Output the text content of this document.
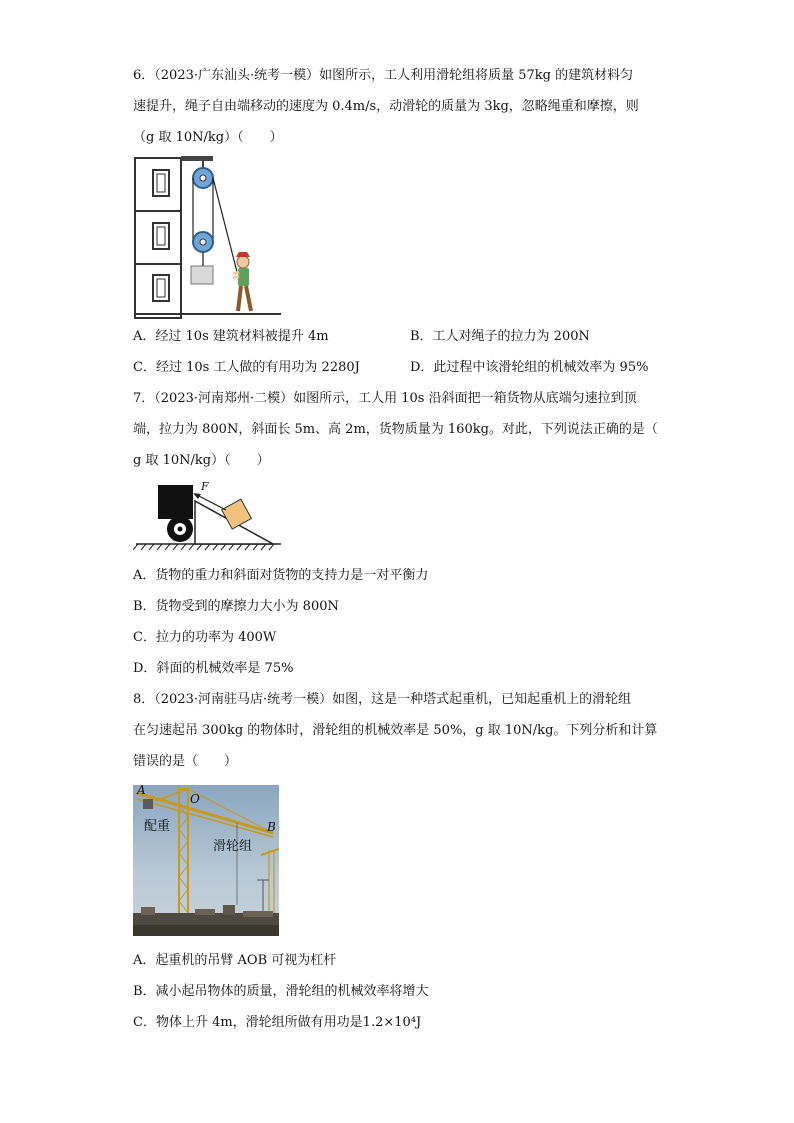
6．（2023·广东汕头·统考一模）如图所示，工人利用滑轮组将质量 57kg 的建筑材料匀
速提升，绳子自由端移动的速度为 0.4m/s，动滑轮的质量为 3kg，忽略绳重和摩擦，则
（g 取 10N/kg）（　　）
A．经过 10s 建筑材料被提升 4m	B．工人对绳子的拉力为 200N
C．经过 10s 工人做的有用功为 2280J	D．此过程中该滑轮组的机械效率为 95%
7．（2023·河南郑州·二模）如图所示，工人用 10s 沿斜面把一箱货物从底端匀速拉到顶
端，拉力为 800N，斜面长 5m、高 2m，货物质量为 160kg。对此，下列说法正确的是（
g 取 10N/kg）（　　）
F
A．货物的重力和斜面对货物的支持力是一对平衡力
B．货物受到的摩擦力大小为 800N
C．拉力的功率为 400W
D．斜面的机械效率是 75%
8．（2023·河南驻马店·统考一模）如图，这是一种塔式起重机，已知起重机上的滑轮组
在匀速起吊 300kg 的物体时，滑轮组的机械效率是 50%，g 取 10N/kg。下列分析和计算
错误的是（　　）
A
O
B
配重
滑轮组
A．起重机的吊臂 AOB 可视为杠杆
B．减小起吊物体的质量，滑轮组的机械效率将增大
C．物体上升 4m，滑轮组所做有用功是1.2×10⁴J
